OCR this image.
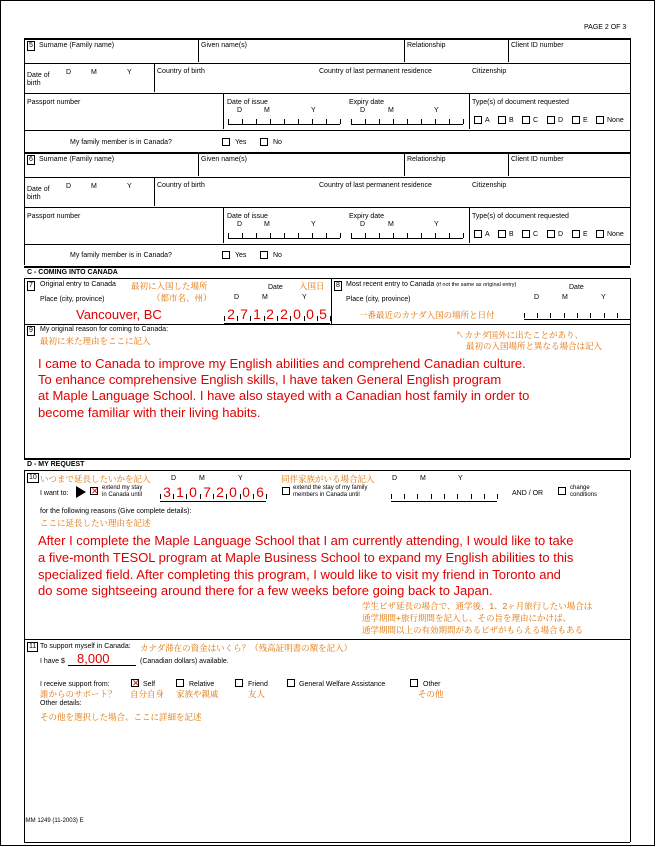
PAGE 2 OF 3
5 Surname (Family name)	Given name(s)	Relationship	Client ID number
Date of birth
D	M	Y	Country of birth	Country of last permanent residence	Citizenship
Passport number	Date of issue
D	M	Y
Expiry date
D	M	Y
Type(s) of document requested
A	B	C	D	E	None
My family member is in Canada?	Yes	No
6 Surname (Family name)	Given name(s)	Relationship	Client ID number
Date of birth
D	M	Y	Country of birth	Country of last permanent residence	Citizenship
Passport number	Date of issue
D	M	Y
Expiry date
D	M	Y
Type(s) of document requested
A	B	C	D	E	None
My family member is in Canada?	Yes	No
C - COMING INTO CANADA
7 Original entry to Canada 最初に入国した場所	Date 入国日
（都市名、州）
Place (city, province)	D	M	Y
Vancouver, BC	2 7 1 2 2 0 0 5
8 Most recent entry to Canada (if not the same as original entry)	Date
Place (city, province)	D	M	Y
一番最近のカナダ入国の場所と日付
9 My original reason for coming to Canada:
最初に来た理由をここに記入
↖カナダ国外に出たことがあり、
最初の入国場所と異なる場合は記入
I came to Canada to improve my English abilities and comprehend Canadian culture.
To enhance comprehensive English skills, I have taken General English program
at Maple Language School. I have also stayed with a Canadian host family in order to
become familiar with their living habits.
D - MY REQUEST
10 いつまで延長したいかを記入	D	M	Y	同伴家族がいる場合記入 D	M	Y
I want to:	✕ extend my stay
in Canada until 3 1 0 7 2 0 0 6	extend the stay of my family
members in Canada until	AND / OR
change
conditions
for the following reasons (Give complete details):
ここに延長したい理由を記述
After I complete the Maple Language School that I am currently attending, I would like to take
a five-month TESOL program at Maple Business School to expand my English abilities to this
specialized field. After completing this program, I would like to visit my friend in Toronto and
do some sightseeing around there for a few weeks before going back to Japan.
学生ビザ延長の場合で、通学後、1、2ヶ月旅行したい場合は
通学期間+旅行期間を記入し、その旨を理由にかけば、
通学期間以上の有効期間があるビザがもらえる場合もある
11 To support myself in Canada: カナダ滞在の資金はいくら？（残高証明書の額を記入）
I have $ 8,000	(Canadian dollars) available.
I receive support from: ✕ Self	Relative	Friend	General Welfare Assistance	Other
誰からのサポート？ 自分自身 家族や親戚	友人	その他
Other details:
その他を選択した場合、ここに詳細を記述
IMM 1249 (11-2003) E
